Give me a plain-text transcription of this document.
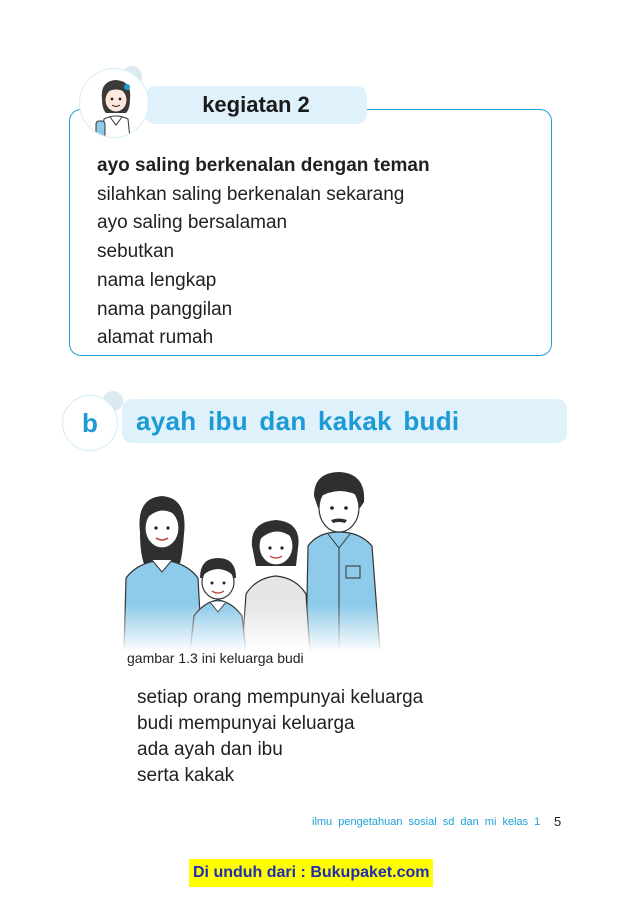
kegiatan 2
ayo saling berkenalan dengan teman
silahkan saling berkenalan sekarang
ayo saling bersalaman
sebutkan
nama lengkap
nama panggilan
alamat rumah
b	ayah ibu dan kakak budi
gambar 1.3 ini keluarga budi
setiap orang mempunyai keluarga
budi mempunyai keluarga
ada ayah dan ibu
serta kakak
ilmu pengetahuan sosial sd dan mi kelas 1 5
Di unduh dari : Bukupaket.com
